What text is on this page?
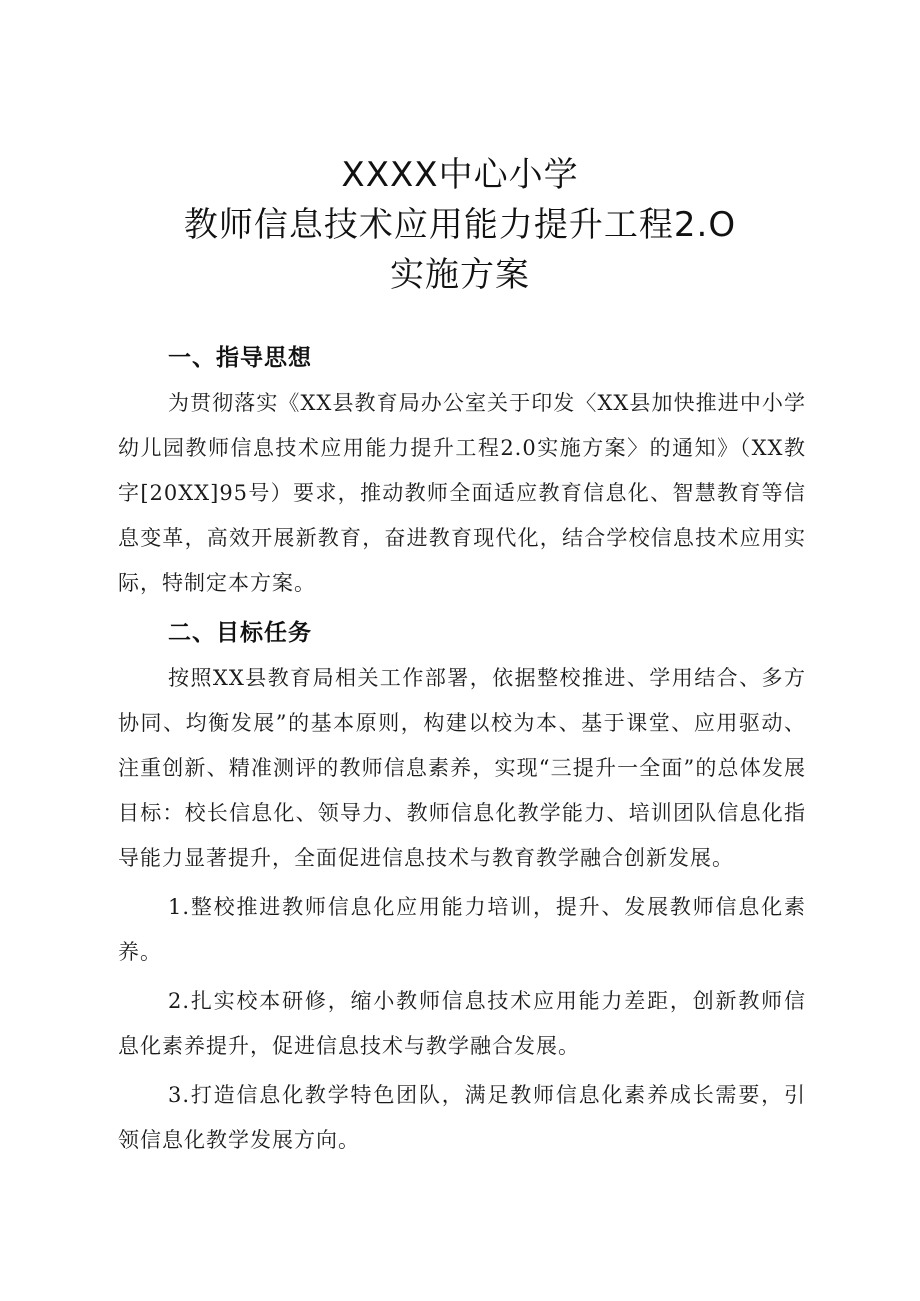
XXXX中心小学
教师信息技术应用能力提升工程2.O
实施方案
一、指导思想

为贯彻落实《XX县教育局办公室关于印发〈XX县加快推进中小学幼儿园教师信息技术应用能力提升工程2.0实施方案〉的通知》（XX教字[20XX]95号）要求，推动教师全面适应教育信息化、智慧教育等信息变革，高效开展新教育，奋进教育现代化，结合学校信息技术应用实际，特制定本方案。

二、目标任务

按照XX县教育局相关工作部署，依据整校推进、学用结合、多方协同、均衡发展”的基本原则，构建以校为本、基于课堂、应用驱动、注重创新、精准测评的教师信息素养，实现“三提升一全面”的总体发展目标：校长信息化、领导力、教师信息化教学能力、培训团队信息化指导能力显著提升，全面促进信息技术与教育教学融合创新发展。

1.整校推进教师信息化应用能力培训，提升、发展教师信息化素养。

2.扎实校本研修，缩小教师信息技术应用能力差距，创新教师信息化素养提升，促进信息技术与教学融合发展。

3.打造信息化教学特色团队，满足教师信息化素养成长需要，引领信息化教学发展方向。
